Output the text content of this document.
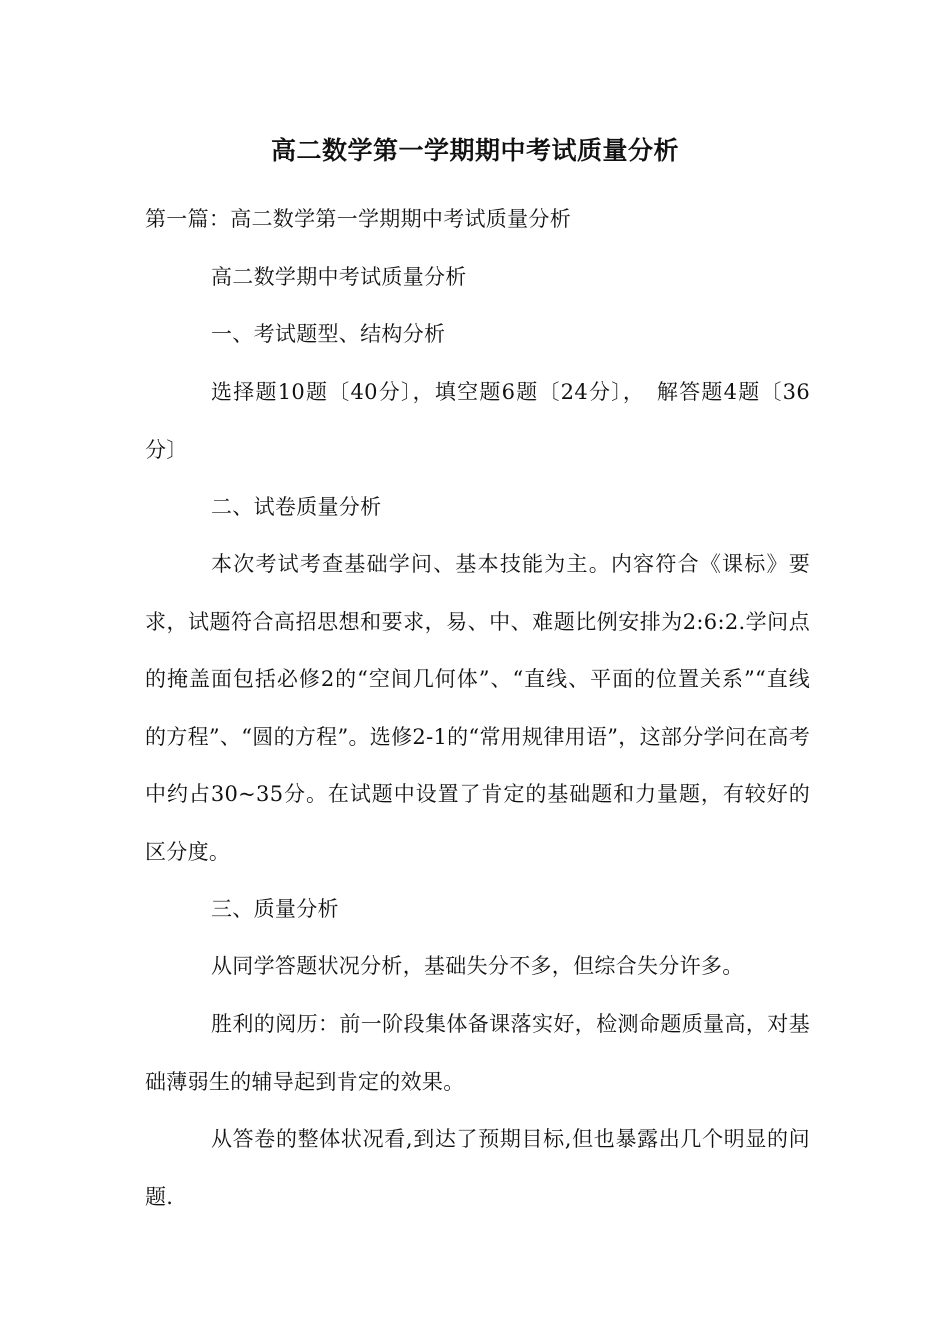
高二数学第一学期期中考试质量分析
第一篇：高二数学第一学期期中考试质量分析
高二数学期中考试质量分析
一、考试题型、结构分析
选择题10题〔40分〕，填空题6题〔24分〕，　解答题4题〔36分〕
二、试卷质量分析
本次考试考查基础学问、基本技能为主。内容符合《课标》要求，试题符合高招思想和要求，易、中、难题比例安排为2:6:2.学问点的掩盖面包括必修2的“空间几何体”、“直线、平面的位置关系”“直线的方程”、“圆的方程”。选修2-1的“常用规律用语”，这部分学问在高考中约占30~35分。在试题中设置了肯定的基础题和力量题，有较好的区分度。
三、质量分析
从同学答题状况分析，基础失分不多，但综合失分许多。
胜利的阅历：前一阶段集体备课落实好，检测命题质量高，对基础薄弱生的辅导起到肯定的效果。
从答卷的整体状况看,到达了预期目标,但也暴露出几个明显的问题.
